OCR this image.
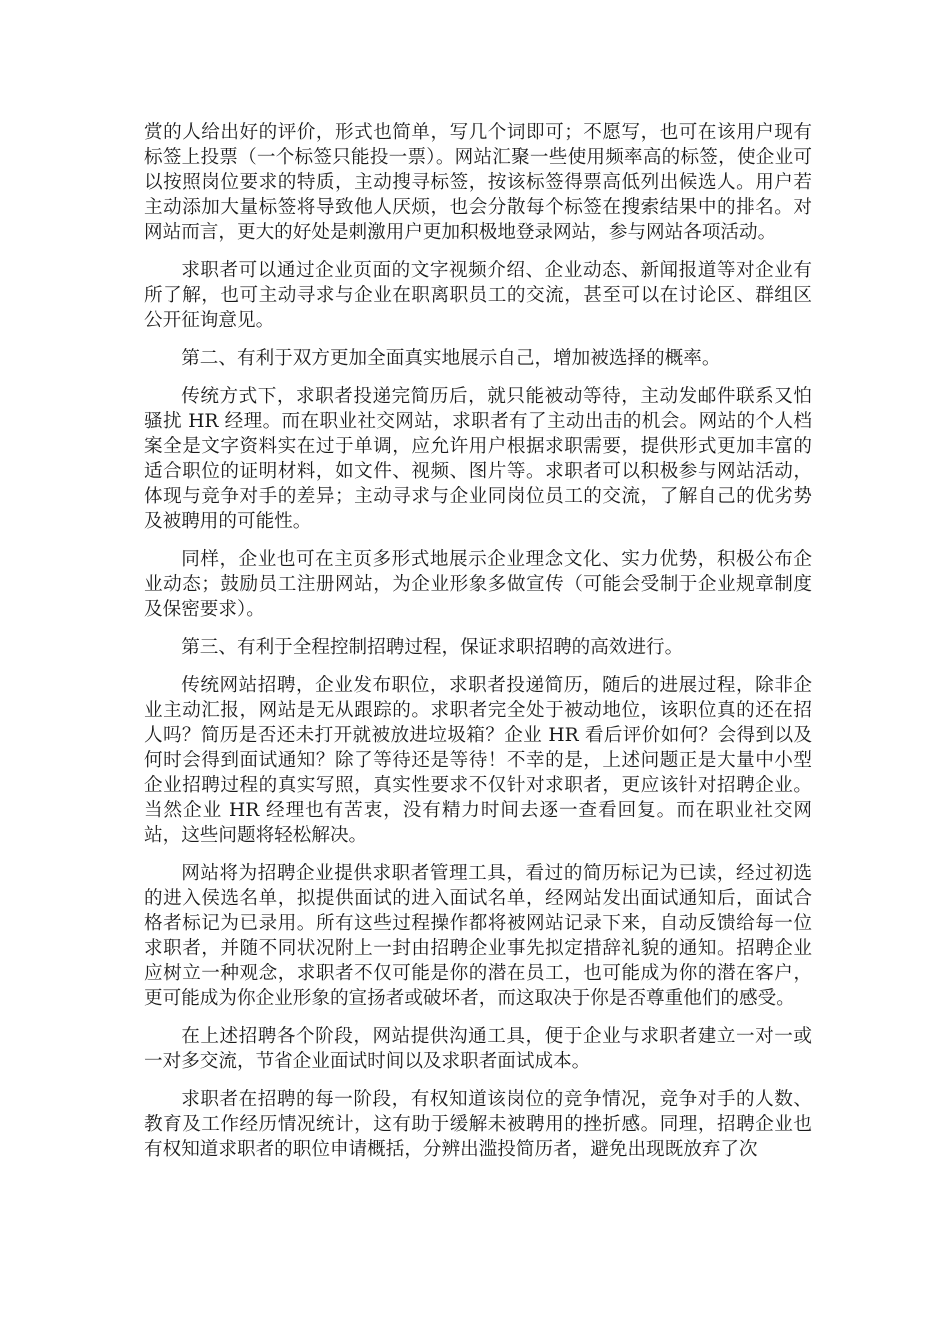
赏的人给出好的评价，形式也简单，写几个词即可；不愿写，也可在该用户现有标签上投票（一个标签只能投一票）。网站汇聚一些使用频率高的标签，使企业可以按照岗位要求的特质，主动搜寻标签，按该标签得票高低列出候选人。用户若主动添加大量标签将导致他人厌烦，也会分散每个标签在搜索结果中的排名。对网站而言，更大的好处是刺激用户更加积极地登录网站，参与网站各项活动。

求职者可以通过企业页面的文字视频介绍、企业动态、新闻报道等对企业有所了解，也可主动寻求与企业在职离职员工的交流，甚至可以在讨论区、群组区公开征询意见。

第二、有利于双方更加全面真实地展示自己，增加被选择的概率。

传统方式下，求职者投递完简历后，就只能被动等待，主动发邮件联系又怕骚扰 HR 经理。而在职业社交网站，求职者有了主动出击的机会。网站的个人档案全是文字资料实在过于单调，应允许用户根据求职需要，提供形式更加丰富的适合职位的证明材料，如文件、视频、图片等。求职者可以积极参与网站活动，体现与竞争对手的差异；主动寻求与企业同岗位员工的交流，了解自己的优劣势及被聘用的可能性。

同样，企业也可在主页多形式地展示企业理念文化、实力优势，积极公布企业动态；鼓励员工注册网站，为企业形象多做宣传（可能会受制于企业规章制度及保密要求）。

第三、有利于全程控制招聘过程，保证求职招聘的高效进行。

传统网站招聘，企业发布职位，求职者投递简历，随后的进展过程，除非企业主动汇报，网站是无从跟踪的。求职者完全处于被动地位，该职位真的还在招人吗？简历是否还未打开就被放进垃圾箱？企业 HR 看后评价如何？会得到以及何时会得到面试通知？除了等待还是等待！不幸的是，上述问题正是大量中小型企业招聘过程的真实写照，真实性要求不仅针对求职者，更应该针对招聘企业。当然企业 HR 经理也有苦衷，没有精力时间去逐一查看回复。而在职业社交网站，这些问题将轻松解决。

网站将为招聘企业提供求职者管理工具，看过的简历标记为已读，经过初选的进入侯选名单，拟提供面试的进入面试名单，经网站发出面试通知后，面试合格者标记为已录用。所有这些过程操作都将被网站记录下来，自动反馈给每一位求职者，并随不同状况附上一封由招聘企业事先拟定措辞礼貌的通知。招聘企业应树立一种观念，求职者不仅可能是你的潜在员工，也可能成为你的潜在客户，更可能成为你企业形象的宣扬者或破坏者，而这取决于你是否尊重他们的感受。

在上述招聘各个阶段，网站提供沟通工具，便于企业与求职者建立一对一或一对多交流，节省企业面试时间以及求职者面试成本。

求职者在招聘的每一阶段，有权知道该岗位的竞争情况，竞争对手的人数、教育及工作经历情况统计，这有助于缓解未被聘用的挫折感。同理，招聘企业也有权知道求职者的职位申请概括，分辨出滥投简历者，避免出现既放弃了次
